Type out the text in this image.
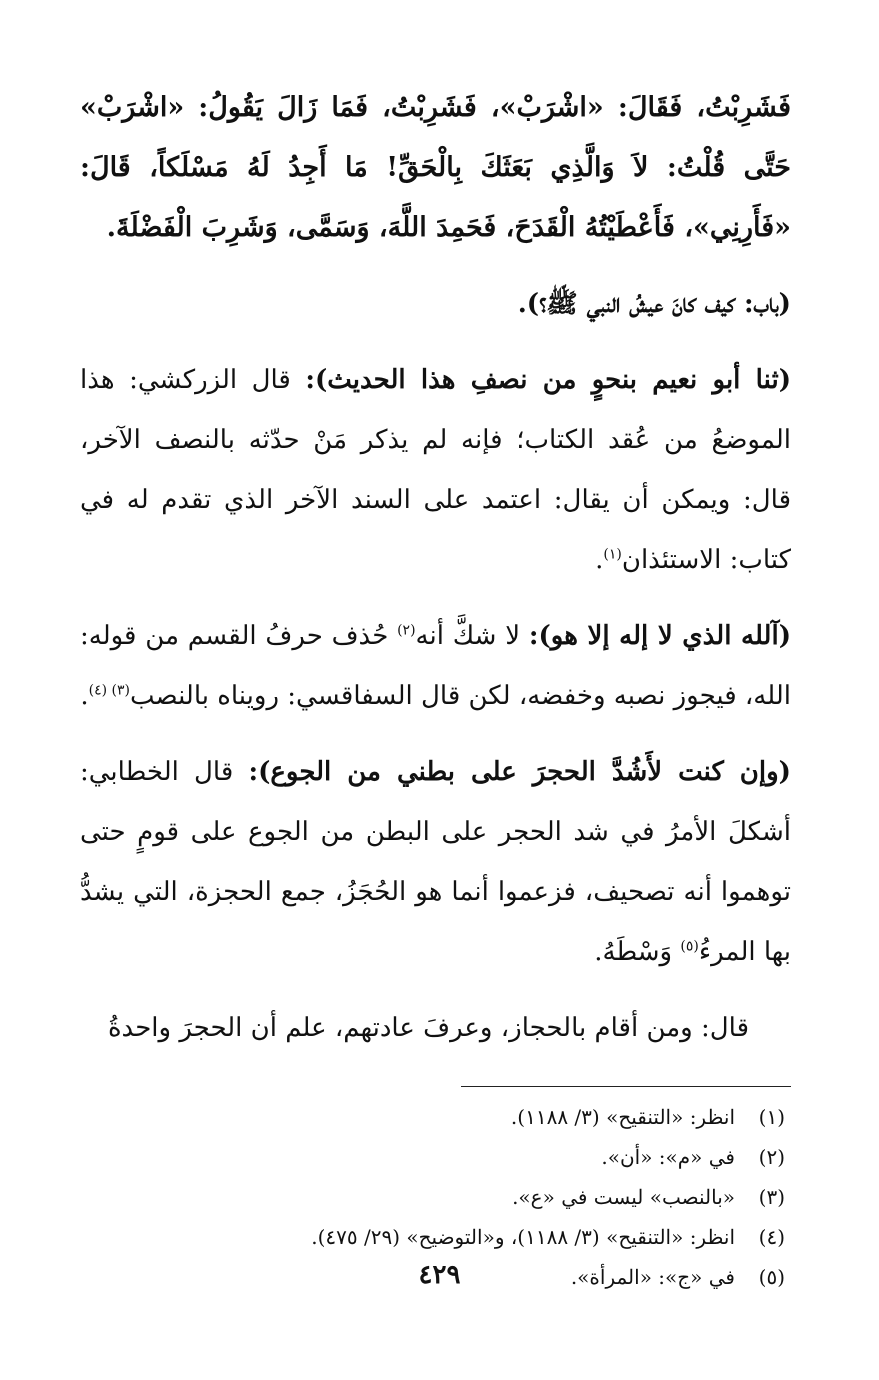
فَشَرِبْتُ، فَقَالَ: «اشْرَبْ»، فَشَرِبْتُ، فَمَا زَالَ يَقُولُ: «اشْرَبْ» حَتَّى قُلْتُ: لاَ وَالَّذِي بَعَثَكَ بِالْحَقِّ! مَا أَجِدُ لَهُ مَسْلَكاً، قَالَ: «فَأَرِنِي»، فَأَعْطَيْتُهُ الْقَدَحَ، فَحَمِدَ اللَّهَ، وَسَمَّى، وَشَرِبَ الْفَضْلَةَ.

(باب: كيف كانَ عيشُ النبي ﷺ؟).

(ثنا أبو نعيم بنحوٍ من نصفِ هذا الحديث): قال الزركشي: هذا الموضعُ من عُقد الكتاب؛ فإنه لم يذكر مَنْ حدّثه بالنصف الآخر، قال: ويمكن أن يقال: اعتمد على السند الآخر الذي تقدم له في كتاب: الاستئذان$^{(١)}$.

(آلله الذي لا إله إلا هو): لا شكَّ أنه$^{(٢)}$ حُذف حرفُ القسم من قوله: الله، فيجوز نصبه وخفضه، لكن قال السفاقسي: رويناه بالنصب$^{(٣) (٤)}$.

(وإن كنت لأَشُدَّ الحجرَ على بطني من الجوع): قال الخطابي: أشكلَ الأمرُ في شد الحجر على البطن من الجوع على قومٍ حتى توهموا أنه تصحيف، فزعموا أنما هو الحُجَزُ، جمع الحجزة، التي يشدُّ بها المرءُ$^{(٥)}$ وَسْطَهُ.

قال: ومن أقام بالحجاز، وعرفَ عادتهم، علم أن الحجرَ واحدةُ

(١)
انظر: «التنقيح» (٣/ ١١٨٨).
(٢)
في «م»: «أن».
(٣)
«بالنصب» ليست في «ع».
(٤)
انظر: «التنقيح» (٣/ ١١٨٨)، و«التوضيح» (٢٩/ ٤٧٥).
(٥)
في «ج»: «المرأة».
٤٢٩
